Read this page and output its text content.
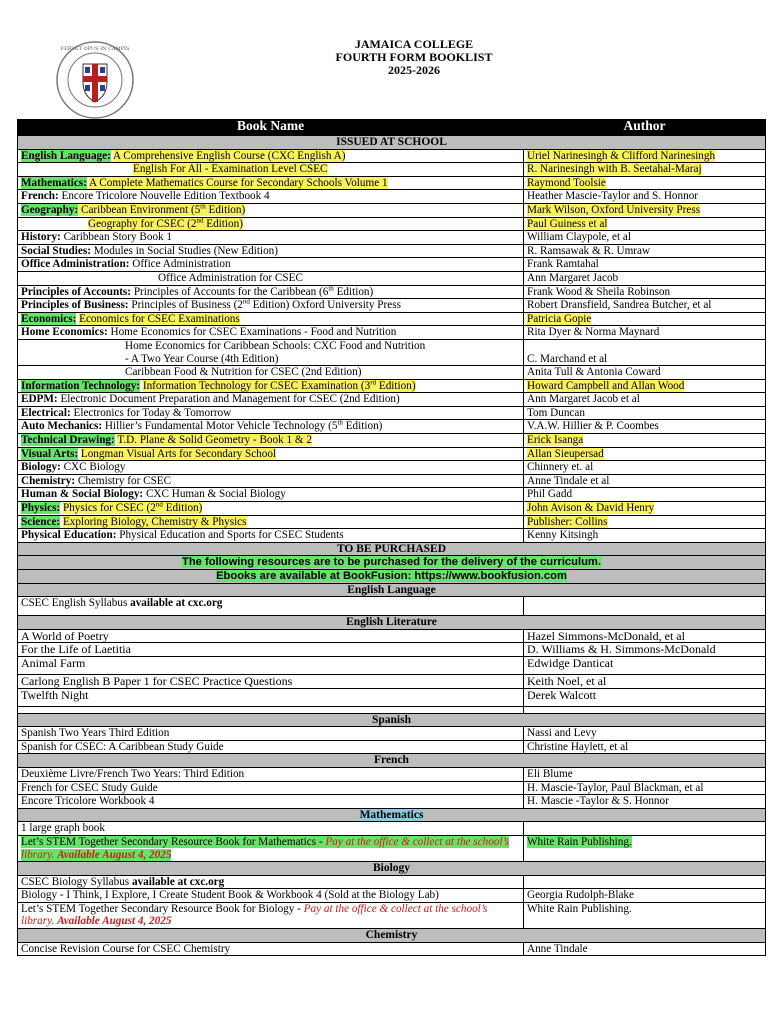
FERVET OPUS IN CAMPIS	JAMAICA COLLEGE
FOURTH FORM BOOKLIST
2025-2026
Book Name	Author
ISSUED AT SCHOOL	
English Language: A Comprehensive English Course (CXC English A)	Uriel Narinesingh & Clifford Narinesingh
English For All - Examination Level CSEC	R. Narinesingh with B. Seetahal-Maraj
Mathematics: A Complete Mathematics Course for Secondary Schools Volume 1	Raymond Toolsie
French: Encore Tricolore Nouvelle Edition Textbook 4	Heather Mascie-Taylor and S. Honnor
Geography: Caribbean Environment (5th Edition)	Mark Wilson, Oxford University Press
Geography for CSEC (2nd Edition)	Paul Guiness et al
History: Caribbean Story Book 1	William Claypole, et al
Social Studies: Modules in Social Studies (New Edition)	R. Ramsawak & R. Umraw
Office Administration: Office Administration	Frank Ramtahal
Office Administration for CSEC	Ann Margaret Jacob
Principles of Accounts: Principles of Accounts for the Caribbean (6th Edition)	Frank Wood & Sheila Robinson
Principles of Business: Principles of Business (2nd Edition) Oxford University Press	Robert Dransfield, Sandrea Butcher, et al
Economics: Economics for CSEC Examinations	Patricia Gopie
Home Economics: Home Economics for CSEC Examinations - Food and Nutrition	Rita Dyer & Norma Maynard

Home Economics for Caribbean Schools: CXC Food and Nutrition
- A Two Year Course (4th Edition)	C. Marchand et al
Caribbean Food & Nutrition for CSEC (2nd Edition)	Anita Tull & Antonia Coward
Information Technology: Information Technology for CSEC Examination (3rd Edition)	Howard Campbell and Allan Wood
EDPM: Electronic Document Preparation and Management for CSEC (2nd Edition)	Ann Margaret Jacob et al
Electrical: Electronics for Today & Tomorrow	Tom Duncan
Auto Mechanics: Hillier’s Fundamental Motor Vehicle Technology (5th Edition)	V.A.W. Hillier & P. Coombes
Technical Drawing: T.D. Plane & Solid Geometry - Book 1 & 2	Erick Isanga
Visual Arts: Longman Visual Arts for Secondary School	Allan Sieupersad
Biology: CXC Biology	Chinnery et. al
Chemistry: Chemistry for CSEC	Anne Tindale et al
Human & Social Biology: CXC Human & Social Biology	Phil Gadd
Physics: Physics for CSEC (2nd Edition)	John Avison & David Henry
Science: Exploring Biology, Chemistry & Physics	Publisher: Collins
Physical Education: Physical Education and Sports for CSEC Students	Kenny Kitsingh
TO BE PURCHASED	
The following resources are to be purchased for the delivery of the curriculum.	
Ebooks are available at BookFusion: https://www.bookfusion.com	
English Language	
CSEC English Syllabus available at cxc.org	
English Literature	
A World of Poetry	Hazel Simmons-McDonald, et al
For the Life of Laetitia	D. Williams & H. Simmons-McDonald
Animal Farm	Edwidge Danticat
Carlong English B Paper 1 for CSEC Practice Questions	Keith Noel, et al
Twelfth Night	Derek Walcott

Spanish	
Spanish Two Years Third Edition	Nassi and Levy
Spanish for CSEC: A Caribbean Study Guide	Christine Haylett, et al
French	
Deuxième Livre/French Two Years: Third Edition	Eli Blume
French for CSEC Study Guide	H. Mascie-Taylor, Paul Blackman, et al
Encore Tricolore Workbook 4	H. Mascie -Taylor & S. Honnor
Mathematics	
1 large graph book	
Let’s STEM Together Secondary Resource Book for Mathematics - Pay at the office & collect at the school’s library. Available August 4, 2025	White Rain Publishing.
Biology	
CSEC Biology Syllabus available at cxc.org	
Biology - I Think, I Explore, I Create Student Book & Workbook 4 (Sold at the Biology Lab)	Georgia Rudolph-Blake
Let’s STEM Together Secondary Resource Book for Biology - Pay at the office & collect at the school’s library. Available August 4, 2025	White Rain Publishing.
Chemistry	
Concise Revision Course for CSEC Chemistry	Anne Tindale
